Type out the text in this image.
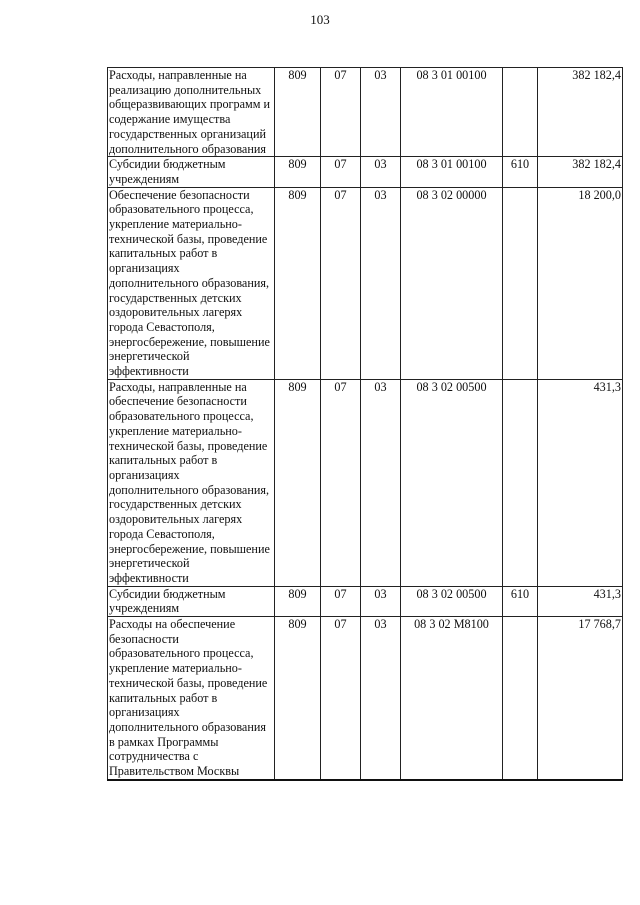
103
Расходы, направленные на реализацию дополнительных общеразвивающих программ и содержание имущества государственных организаций дополнительного образования	809	07	03	08 3 01 00100		382 182,4
Субсидии бюджетным учреждениям	809	07	03	08 3 01 00100	610	382 182,4
Обеспечение безопасности образовательного процесса, укрепление материально-технической базы, проведение капитальных работ в организациях дополнительного образования, государственных детских оздоровительных лагерях города Севастополя, энергосбережение, повышение энергетической эффективности	809	07	03	08 3 02 00000		18 200,0
Расходы, направленные на обеспечение безопасности образовательного процесса, укрепление материально-технической базы, проведение капитальных работ в организациях дополнительного образования, государственных детских оздоровительных лагерях города Севастополя, энергосбережение, повышение энергетической эффективности	809	07	03	08 3 02 00500		431,3
Субсидии бюджетным учреждениям	809	07	03	08 3 02 00500	610	431,3
Расходы на обеспечение безопасности образовательного процесса, укрепление материально-технической базы, проведение капитальных работ в организациях дополнительного образования в рамках Программы сотрудничества с Правительством Москвы	809	07	03	08 3 02 M8100		17 768,7
